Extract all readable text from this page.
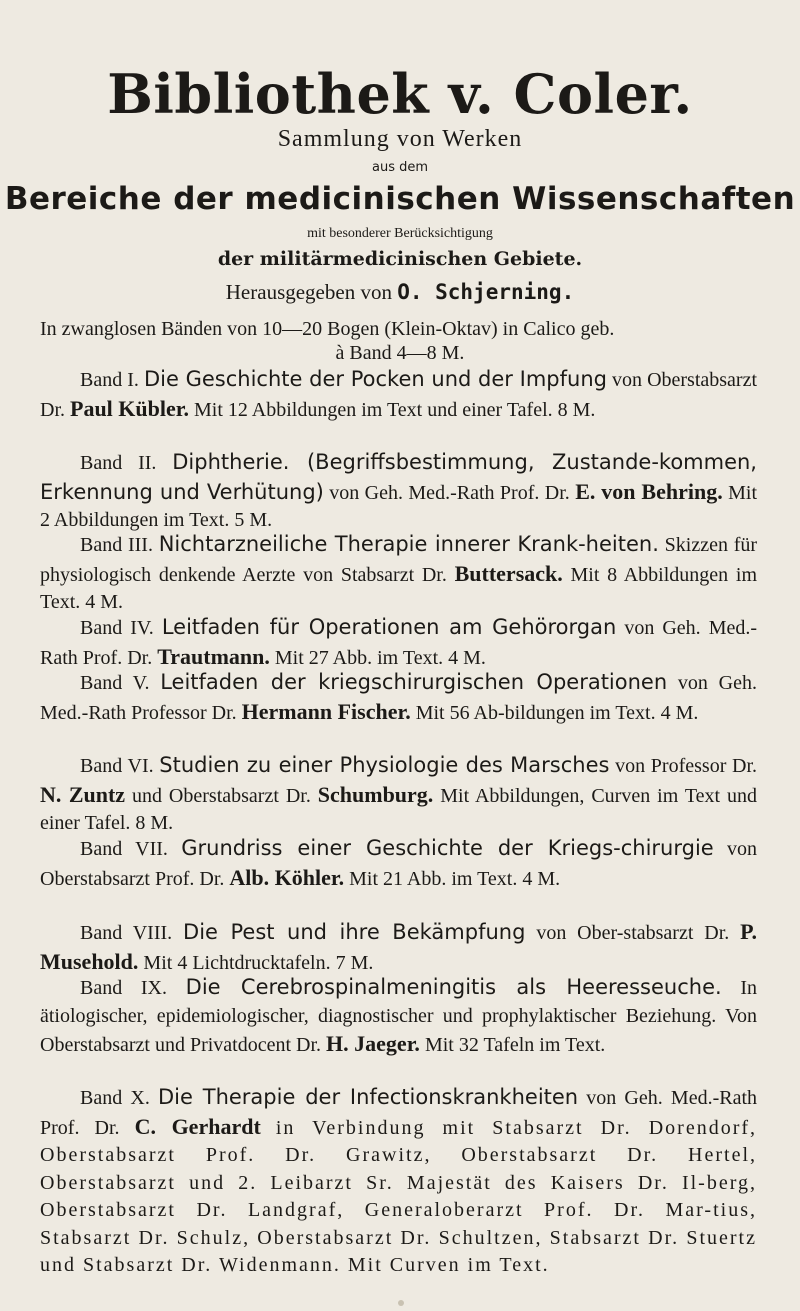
Bibliothek v. Coler.
Sammlung von Werken
aus dem
Bereiche der medicinischen Wissenschaften
mit besonderer Berücksichtigung
der militärmedicinischen Gebiete.
Herausgegeben von O. Schjerning.
In zwanglosen Bänden von 10—20 Bogen (Klein-Oktav) in Calico geb.
à Band 4—8 M.
Band I. Die Geschichte der Pocken und der Impfung von Oberstabsarzt Dr. Paul Kübler. Mit 12 Abbildungen im Text und einer Tafel. 8 M.
Band II. Diphtherie. (Begriffsbestimmung, Zustande-kommen, Erkennung und Verhütung) von Geh. Med.-Rath Prof. Dr. E. von Behring. Mit 2 Abbildungen im Text. 5 M.
Band III. Nichtarzneiliche Therapie innerer Krank-heiten. Skizzen für physiologisch denkende Aerzte von Stabsarzt Dr. Buttersack. Mit 8 Abbildungen im Text. 4 M.
Band IV. Leitfaden für Operationen am Gehörorgan von Geh. Med.-Rath Prof. Dr. Trautmann. Mit 27 Abb. im Text. 4 M.
Band V. Leitfaden der kriegschirurgischen Operationen von Geh. Med.-Rath Professor Dr. Hermann Fischer. Mit 56 Ab-bildungen im Text. 4 M.
Band VI. Studien zu einer Physiologie des Marsches von Professor Dr. N. Zuntz und Oberstabsarzt Dr. Schumburg. Mit Abbildungen, Curven im Text und einer Tafel. 8 M.
Band VII. Grundriss einer Geschichte der Kriegs-chirurgie von Oberstabsarzt Prof. Dr. Alb. Köhler. Mit 21 Abb. im Text. 4 M.
Band VIII. Die Pest und ihre Bekämpfung von Ober-stabsarzt Dr. P. Musehold. Mit 4 Lichtdrucktafeln. 7 M.
Band IX. Die Cerebrospinalmeningitis als Heeresseuche. In ätiologischer, epidemiologischer, diagnostischer und prophylaktischer Beziehung. Von Oberstabsarzt und Privatdocent Dr. H. Jaeger. Mit 32 Tafeln im Text.
Band X. Die Therapie der Infectionskrankheiten von Geh. Med.-Rath Prof. Dr. C. Gerhardt in Verbindung mit Stabsarzt Dr. Dorendorf, Oberstabsarzt Prof. Dr. Grawitz, Oberstabsarzt Dr. Hertel, Oberstabsarzt und 2. Leibarzt Sr. Majestät des Kaisers Dr. Il-berg, Oberstabsarzt Dr. Landgraf, Generaloberarzt Prof. Dr. Mar-tius, Stabsarzt Dr. Schulz, Oberstabsarzt Dr. Schultzen, Stabsarzt Dr. Stuertz und Stabsarzt Dr. Widenmann. Mit Curven im Text.
